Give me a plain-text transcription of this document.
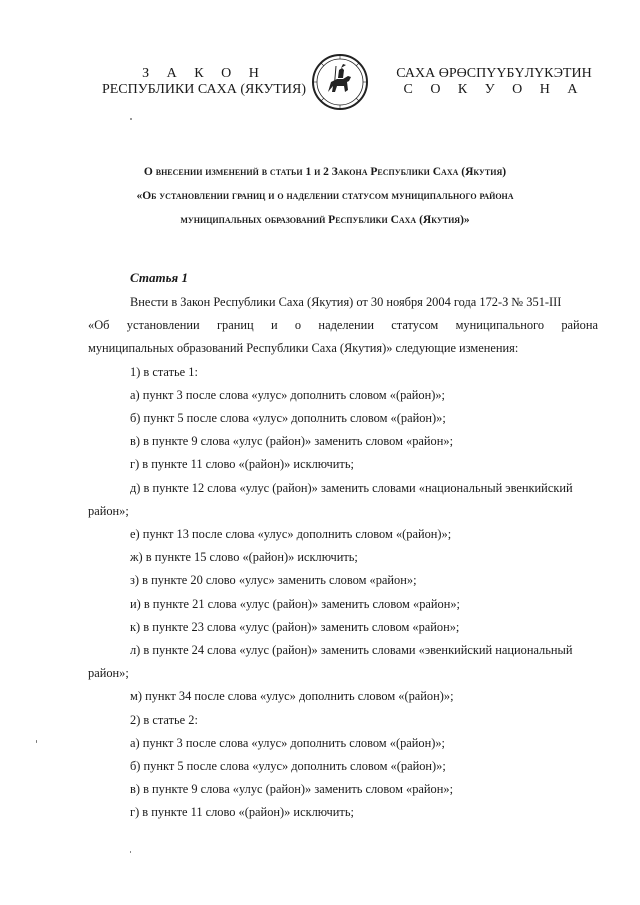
З А К О Н
РЕСПУБЛИКИ САХА (ЯКУТИЯ)
САХА ӨРӨСПҮҮБҮЛҮКЭТИН
С О К У О Н А
О внесении изменений в статьи 1 и 2 Закона Республики Саха (Якутия)
«Об установлении границ и о наделении статусом муниципального района
муниципальных образований Республики Саха (Якутия)»
Статья 1
Внести в Закон Республики Саха (Якутия) от 30 ноября 2004 года 172-З № 351-III
«Об установлении границ и о наделении статусом муниципального района
муниципальных образований Республики Саха (Якутия)» следующие изменения:
1) в статье 1:
а) пункт 3 после слова «улус» дополнить словом «(район)»;
б) пункт 5 после слова «улус» дополнить словом «(район)»;
в) в пункте 9 слова «улус (район)» заменить словом «район»;
г) в пункте 11 слово «(район)» исключить;
д) в пункте 12 слова «улус (район)» заменить словами «национальный эвенкийский
район»;
е) пункт 13 после слова «улус» дополнить словом «(район)»;
ж) в пункте 15 слово «(район)» исключить;
з) в пункте 20 слово «улус» заменить словом «район»;
и) в пункте 21 слова «улус (район)» заменить словом «район»;
к) в пункте 23 слова «улус (район)» заменить словом «район»;
л) в пункте 24 слова «улус (район)» заменить словами «эвенкийский национальный
район»;
м) пункт 34 после слова «улус» дополнить словом «(район)»;
2) в статье 2:
а) пункт 3 после слова «улус» дополнить словом «(район)»;
б) пункт 5 после слова «улус» дополнить словом «(район)»;
в) в пункте 9 слова «улус (район)» заменить словом «район»;
г) в пункте 11 слово «(район)» исключить;
